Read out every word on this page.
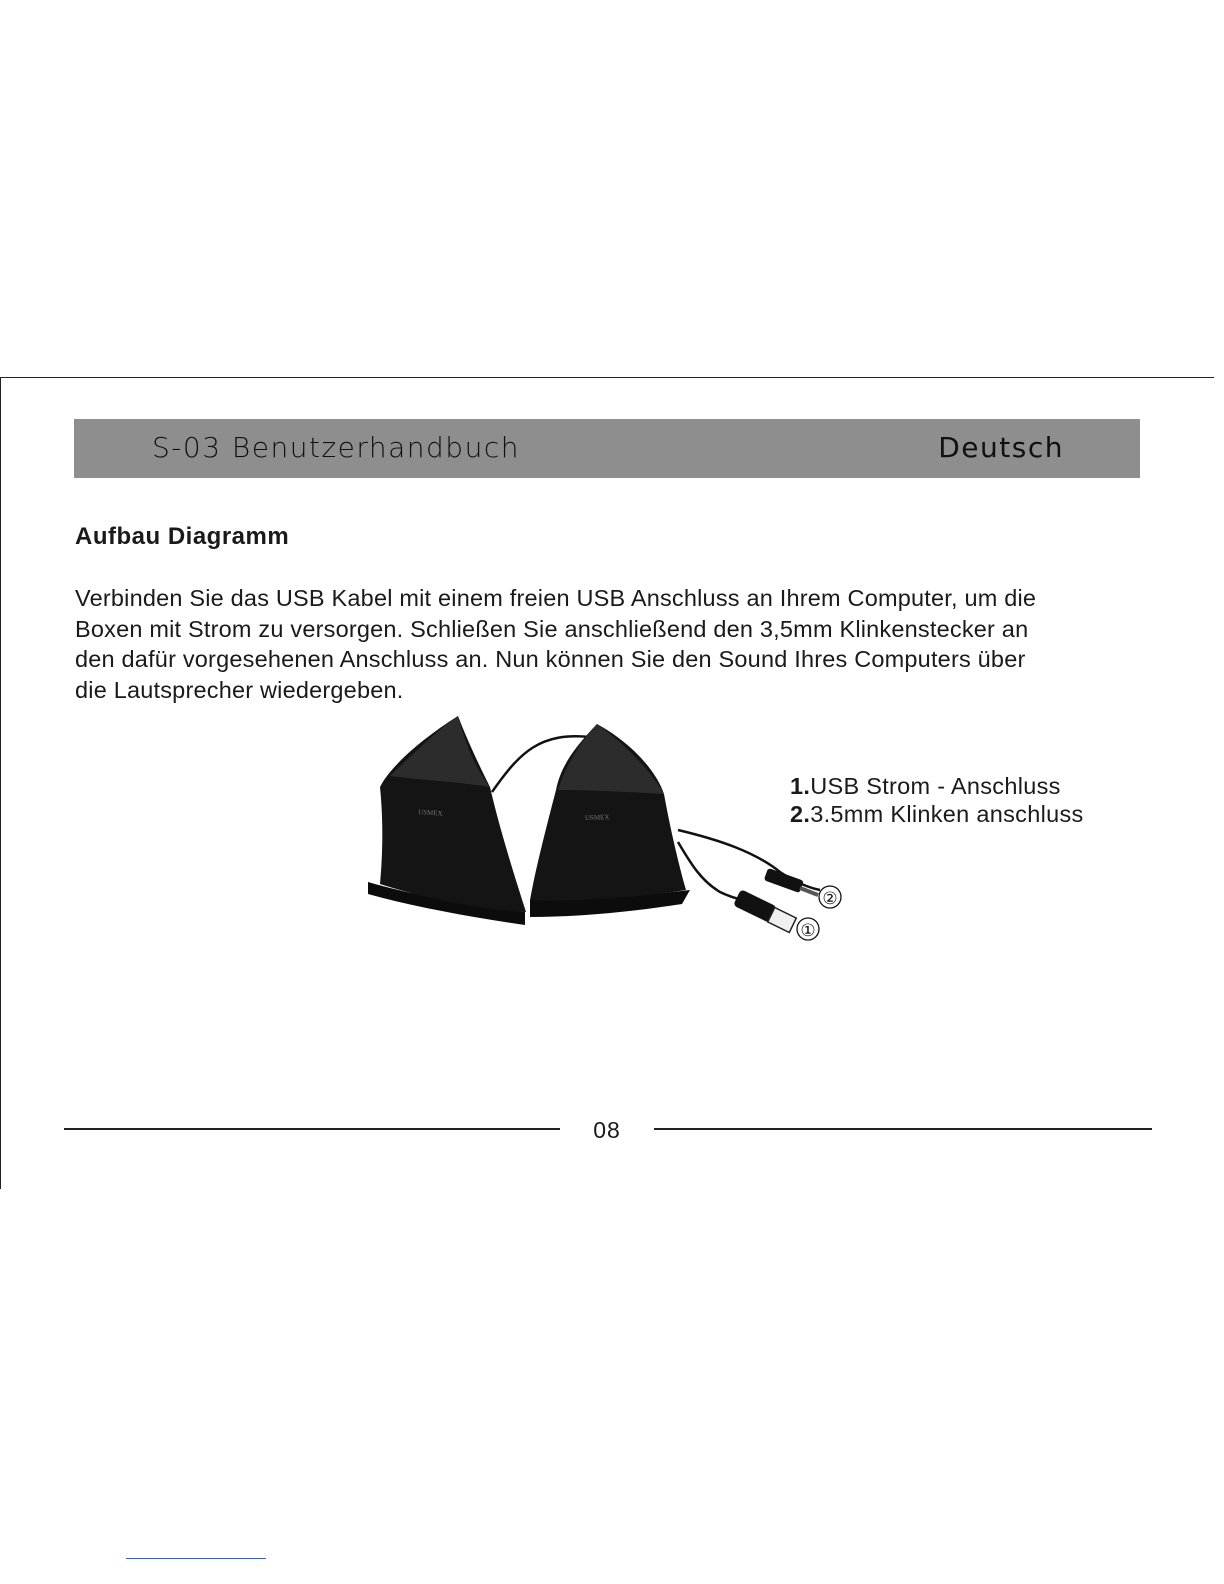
S-03 Benutzerhandbuch	Deutsch
Aufbau Diagramm
Verbinden Sie das USB Kabel mit einem freien USB Anschluss an Ihrem Computer, um die
Boxen mit Strom zu versorgen. Schließen Sie anschließend den 3,5mm Klinkenstecker an
den dafür vorgesehenen Anschluss an. Nun können Sie den Sound Ihres Computers über
die Lautsprecher wiedergeben.
USMEX	USMEX
②
①
1.USB Strom - Anschluss
2.3.5mm Klinken anschluss
08
